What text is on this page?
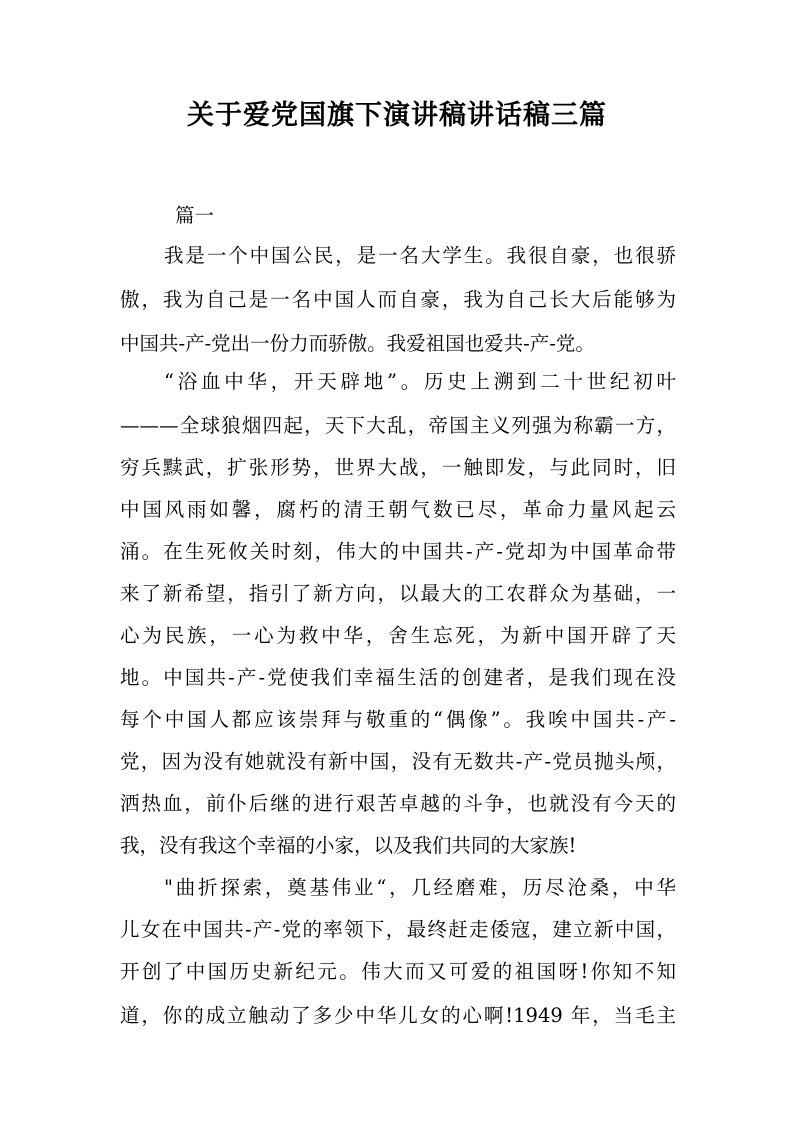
关于爱党国旗下演讲稿讲话稿三篇

篇一

我是一个中国公民，是一名大学生。我很自豪，也很骄

傲，我为自己是一名中国人而自豪，我为自己长大后能够为

中国共-产-党出一份力而骄傲。我爱祖国也爱共-产-党。

“浴血中华，开天辟地”。历史上溯到二十世纪初叶

———全球狼烟四起，天下大乱，帝国主义列强为称霸一方，

穷兵黩武，扩张形势，世界大战，一触即发，与此同时，旧

中国风雨如馨，腐朽的清王朝气数已尽，革命力量风起云

涌。在生死攸关时刻，伟大的中国共-产-党却为中国革命带

来了新希望，指引了新方向，以最大的工农群众为基础，一

心为民族，一心为救中华，舍生忘死，为新中国开辟了天

地。中国共-产-党使我们幸福生活的创建者，是我们现在没

每个中国人都应该崇拜与敬重的“偶像”。我唉中国共-产-

党，因为没有她就没有新中国，没有无数共-产-党员抛头颅，

洒热血，前仆后继的进行艰苦卓越的斗争，也就没有今天的

我，没有我这个幸福的小家，以及我们共同的大家族!

"曲折探索，奠基伟业“，几经磨难，历尽沧桑，中华

儿女在中国共-产-党的率领下，最终赶走倭寇，建立新中国，

开创了中国历史新纪元。伟大而又可爱的祖国呀!你知不知

道，你的成立触动了多少中华儿女的心啊!1949 年，当毛主
